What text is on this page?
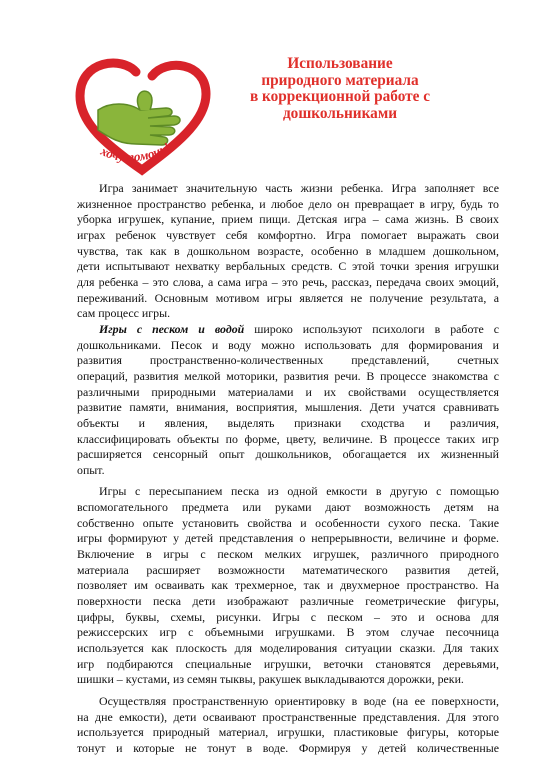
хочу помочь!
Использование
природного материала
в коррекционной работе с
дошкольниками
Игра занимает значительную часть жизни ребенка. Игра заполняет все
жизненное пространство ребенка, и любое дело он превращает в игру, будь то
уборка игрушек, купание, прием пищи. Детская игра – сама жизнь. В своих
играх ребенок чувствует себя комфортно. Игра помогает выражать свои
чувства, так как в дошкольном возрасте, особенно в младшем дошкольном,
дети испытывают нехватку вербальных средств. С этой точки зрения игрушки
для ребенка – это слова, а сама игра – это речь, рассказ, передача своих эмоций,
переживаний. Основным мотивом игры является не получение результата, а
сам процесс игры.
Игры с песком и водой широко используют психологи в работе с
дошкольниками. Песок и воду можно использовать для формирования и
развития пространственно-количественных представлений, счетных
операций, развития мелкой моторики, развития речи. В процессе знакомства с
различными природными материалами и их свойствами осуществляется
развитие памяти, внимания, восприятия, мышления. Дети учатся сравнивать
объекты и явления, выделять признаки сходства и различия,
классифицировать объекты по форме, цвету, величине. В процессе таких игр
расширяется сенсорный опыт дошкольников, обогащается их жизненный
опыт.
Игры с пересыпанием песка из одной емкости в другую с помощью
вспомогательного предмета или руками дают возможность детям на
собственно опыте установить свойства и особенности сухого песка. Такие
игры формируют у детей представления о непрерывности, величине и форме.
Включение в игры с песком мелких игрушек, различного природного
материала расширяет возможности математического развития детей,
позволяет им осваивать как трехмерное, так и двухмерное пространство. На
поверхности песка дети изображают различные геометрические фигуры,
цифры, буквы, схемы, рисунки. Игры с песком – это и основа для
режиссерских игр с объемными игрушками. В этом случае песочница
используется как плоскость для моделирования ситуации сказки. Для таких
игр подбираются специальные игрушки, веточки становятся деревьями,
шишки – кустами, из семян тыквы, ракушек выкладываются дорожки, реки.
Осуществляя пространственную ориентировку в воде (на ее поверхности,
на дне емкости), дети осваивают пространственные представления. Для этого
используется природный материал, игрушки, пластиковые фигуры, которые
тонут и которые не тонут в воде. Формируя у детей количественные
